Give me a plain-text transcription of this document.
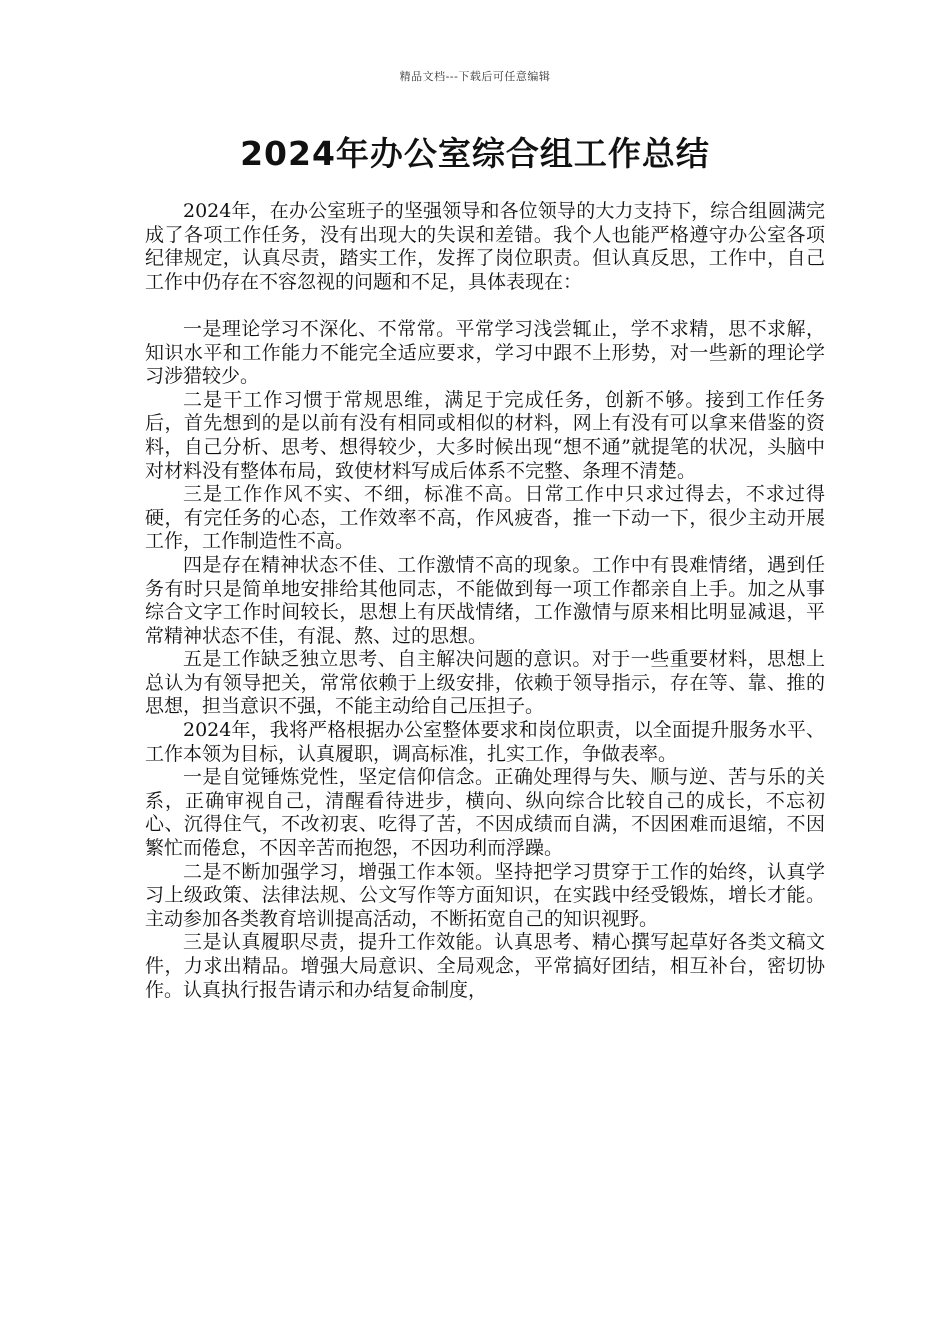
精品文档---下载后可任意编辑
2024年办公室综合组工作总结

2024年，在办公室班子的坚强领导和各位领导的大力支持下，综合组圆满完成了各项工作任务，没有出现大的失误和差错。我个人也能严格遵守办公室各项纪律规定，认真尽责，踏实工作，发挥了岗位职责。但认真反思，工作中，自己工作中仍存在不容忽视的问题和不足，具体表现在：

一是理论学习不深化、不常常。平常学习浅尝辄止，学不求精，思不求解，知识水平和工作能力不能完全适应要求，学习中跟不上形势，对一些新的理论学习涉猎较少。

二是干工作习惯于常规思维，满足于完成任务，创新不够。接到工作任务后，首先想到的是以前有没有相同或相似的材料，网上有没有可以拿来借鉴的资料，自己分析、思考、想得较少，大多时候出现“想不通”就提笔的状况，头脑中对材料没有整体布局，致使材料写成后体系不完整、条理不清楚。

三是工作作风不实、不细，标准不高。日常工作中只求过得去，不求过得硬，有完任务的心态，工作效率不高，作风疲沓，推一下动一下，很少主动开展工作，工作制造性不高。

四是存在精神状态不佳、工作激情不高的现象。工作中有畏难情绪，遇到任务有时只是简单地安排给其他同志，不能做到每一项工作都亲自上手。加之从事综合文字工作时间较长，思想上有厌战情绪，工作激情与原来相比明显减退，平常精神状态不佳，有混、熬、过的思想。

五是工作缺乏独立思考、自主解决问题的意识。对于一些重要材料，思想上总认为有领导把关，常常依赖于上级安排，依赖于领导指示，存在等、靠、推的思想，担当意识不强，不能主动给自己压担子。

2024年，我将严格根据办公室整体要求和岗位职责，以全面提升服务水平、工作本领为目标，认真履职，调高标准，扎实工作，争做表率。

一是自觉锤炼党性，坚定信仰信念。正确处理得与失、顺与逆、苦与乐的关系，正确审视自己，清醒看待进步，横向、纵向综合比较自己的成长，不忘初心、沉得住气，不改初衷、吃得了苦，不因成绩而自满，不因困难而退缩，不因繁忙而倦怠，不因辛苦而抱怨，不因功利而浮躁。

二是不断加强学习，增强工作本领。坚持把学习贯穿于工作的始终，认真学习上级政策、法律法规、公文写作等方面知识，在实践中经受锻炼，增长才能。主动参加各类教育培训提高活动，不断拓宽自己的知识视野。

三是认真履职尽责，提升工作效能。认真思考、精心撰写起草好各类文稿文件，力求出精品。增强大局意识、全局观念，平常搞好团结，相互补台，密切协作。认真执行报告请示和办结复命制度，
